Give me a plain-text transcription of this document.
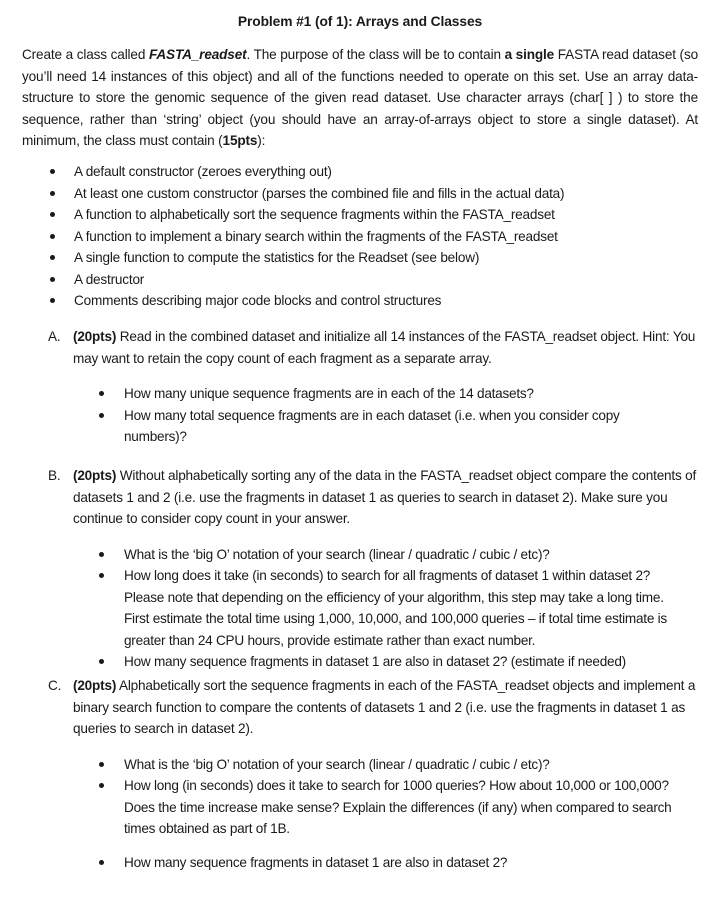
Problem #1 (of 1): Arrays and Classes

Create a class called FASTA_readset. The purpose of the class will be to contain a single FASTA read dataset (so you’ll need 14 instances of this object) and all of the functions needed to operate on this set. Use an array data-structure to store the genomic sequence of the given read dataset. Use character arrays (char[ ] ) to store the sequence, rather than ‘string’ object (you should have an array-of-arrays object to store a single dataset). At minimum, the class must contain (15pts):

A default constructor (zeroes everything out)
At least one custom constructor (parses the combined file and fills in the actual data)
A function to alphabetically sort the sequence fragments within the FASTA_readset
A function to implement a binary search within the fragments of the FASTA_readset
A single function to compute the statistics for the Readset (see below)
A destructor
Comments describing major code blocks and control structures
A. (20pts) Read in the combined dataset and initialize all 14 instances of the FASTA_readset object. Hint: You may want to retain the copy count of each fragment as a separate array.
How many unique sequence fragments are in each of the 14 datasets?
How many total sequence fragments are in each dataset (i.e. when you consider copy numbers)?
B. (20pts) Without alphabetically sorting any of the data in the FASTA_readset object compare the contents of datasets 1 and 2 (i.e. use the fragments in dataset 1 as queries to search in dataset 2). Make sure you continue to consider copy count in your answer.
What is the ‘big O’ notation of your search (linear / quadratic / cubic / etc)?
How long does it take (in seconds) to search for all fragments of dataset 1 within dataset 2? Please note that depending on the efficiency of your algorithm, this step may take a long time. First estimate the total time using 1,000, 10,000, and 100,000 queries – if total time estimate is greater than 24 CPU hours, provide estimate rather than exact number.
How many sequence fragments in dataset 1 are also in dataset 2? (estimate if needed)
C. (20pts) Alphabetically sort the sequence fragments in each of the FASTA_readset objects and implement a binary search function to compare the contents of datasets 1 and 2 (i.e. use the fragments in dataset 1 as queries to search in dataset 2).
What is the ‘big O’ notation of your search (linear / quadratic / cubic / etc)?
How long (in seconds) does it take to search for 1000 queries? How about 10,000 or 100,000? Does the time increase make sense? Explain the differences (if any) when compared to search times obtained as part of 1B.
How many sequence fragments in dataset 1 are also in dataset 2?
